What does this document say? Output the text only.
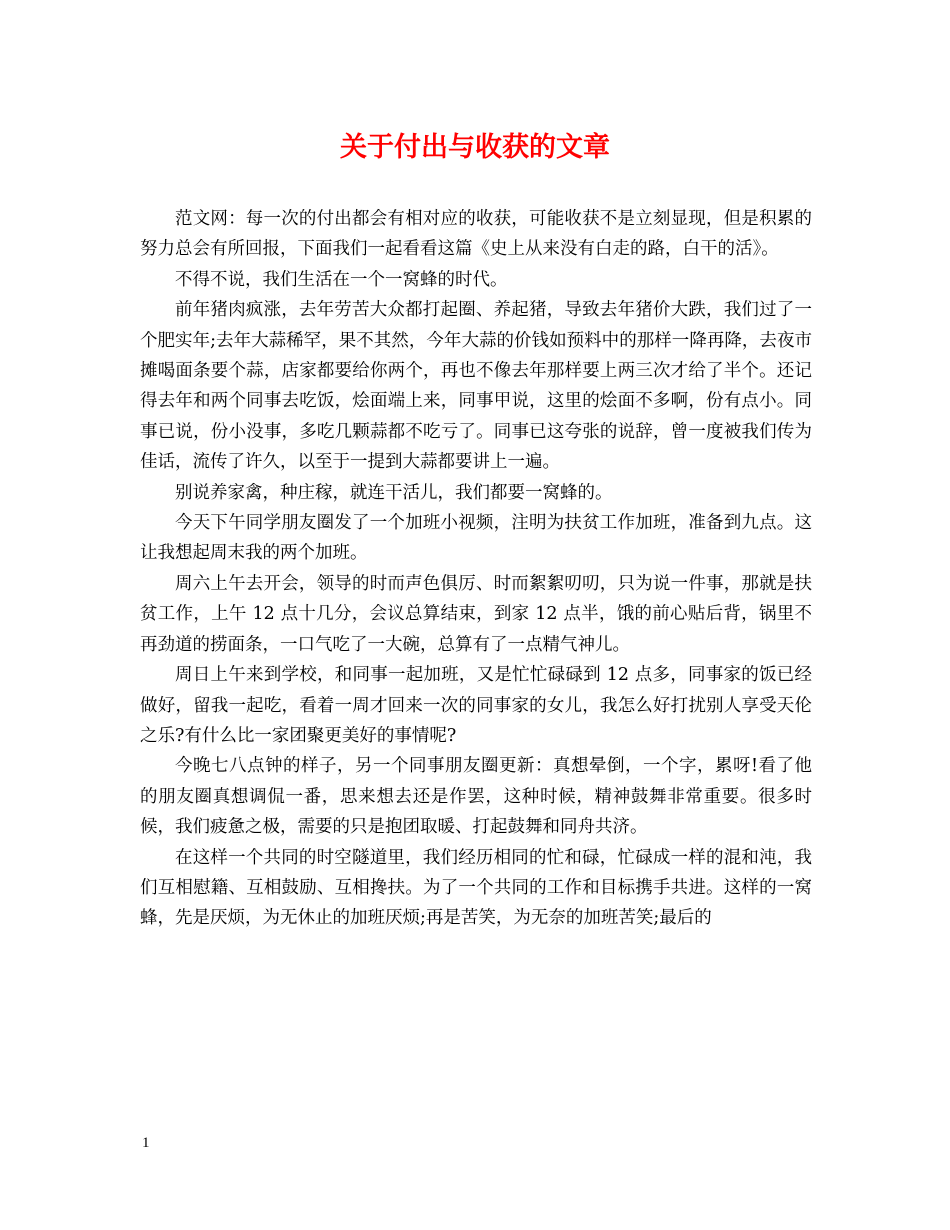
关于付出与收获的文章

范文网：每一次的付出都会有相对应的收获，可能收获不是立刻显现，但是积累的努力总会有所回报，下面我们一起看看这篇《史上从来没有白走的路，白干的活》。

不得不说，我们生活在一个一窝蜂的时代。

前年猪肉疯涨，去年劳苦大众都打起圈、养起猪，导致去年猪价大跌，我们过了一个肥实年;去年大蒜稀罕，果不其然，今年大蒜的价钱如预料中的那样一降再降，去夜市摊喝面条要个蒜，店家都要给你两个，再也不像去年那样要上两三次才给了半个。还记得去年和两个同事去吃饭，烩面端上来，同事甲说，这里的烩面不多啊，份有点小。同事已说，份小没事，多吃几颗蒜都不吃亏了。同事已这夸张的说辞，曾一度被我们传为佳话，流传了许久，以至于一提到大蒜都要讲上一遍。

别说养家禽，种庄稼，就连干活儿，我们都要一窝蜂的。

今天下午同学朋友圈发了一个加班小视频，注明为扶贫工作加班，准备到九点。这让我想起周末我的两个加班。

周六上午去开会，领导的时而声色俱厉、时而絮絮叨叨，只为说一件事，那就是扶贫工作，上午 12 点十几分，会议总算结束，到家 12 点半，饿的前心贴后背，锅里不再劲道的捞面条，一口气吃了一大碗，总算有了一点精气神儿。

周日上午来到学校，和同事一起加班，又是忙忙碌碌到 12 点多，同事家的饭已经做好，留我一起吃，看着一周才回来一次的同事家的女儿，我怎么好打扰别人享受天伦之乐?有什么比一家团聚更美好的事情呢?

今晚七八点钟的样子，另一个同事朋友圈更新：真想晕倒，一个字，累呀!看了他的朋友圈真想调侃一番，思来想去还是作罢，这种时候，精神鼓舞非常重要。很多时候，我们疲惫之极，需要的只是抱团取暖、打起鼓舞和同舟共济。

在这样一个共同的时空隧道里，我们经历相同的忙和碌，忙碌成一样的混和沌，我们互相慰籍、互相鼓励、互相搀扶。为了一个共同的工作和目标携手共进。这样的一窝蜂，先是厌烦，为无休止的加班厌烦;再是苦笑，为无奈的加班苦笑;最后的

1
